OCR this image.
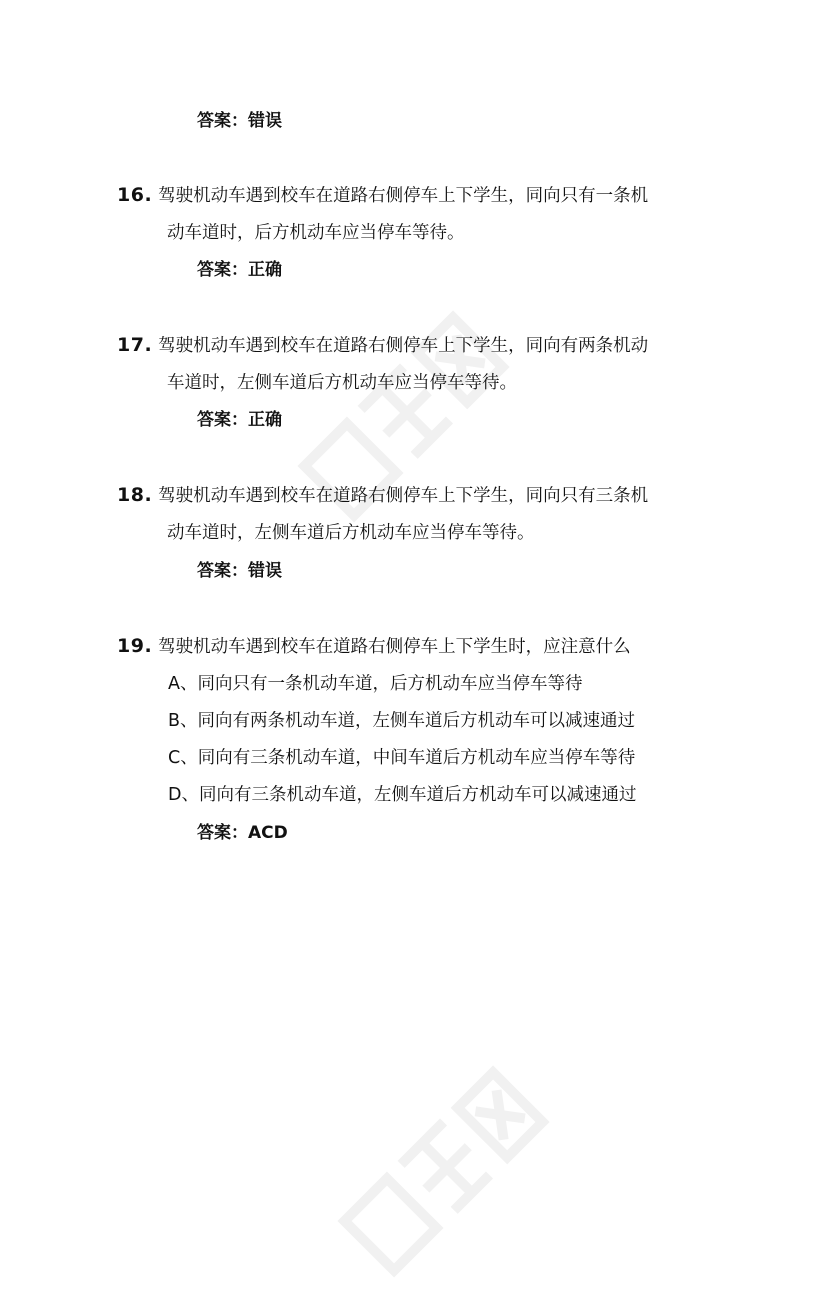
答案：错误

16. 驾驶机动车遇到校车在道路右侧停车上下学生，同向只有一条机

动车道时，后方机动车应当停车等待。

答案：正确

17. 驾驶机动车遇到校车在道路右侧停车上下学生，同向有两条机动

车道时，左侧车道后方机动车应当停车等待。

答案：正确

18. 驾驶机动车遇到校车在道路右侧停车上下学生，同向只有三条机

动车道时，左侧车道后方机动车应当停车等待。

答案：错误

19. 驾驶机动车遇到校车在道路右侧停车上下学生时，应注意什么

A、同向只有一条机动车道，后方机动车应当停车等待

B、同向有两条机动车道，左侧车道后方机动车可以减速通过

C、同向有三条机动车道，中间车道后方机动车应当停车等待

D、同向有三条机动车道，左侧车道后方机动车可以减速通过

答案：ACD
